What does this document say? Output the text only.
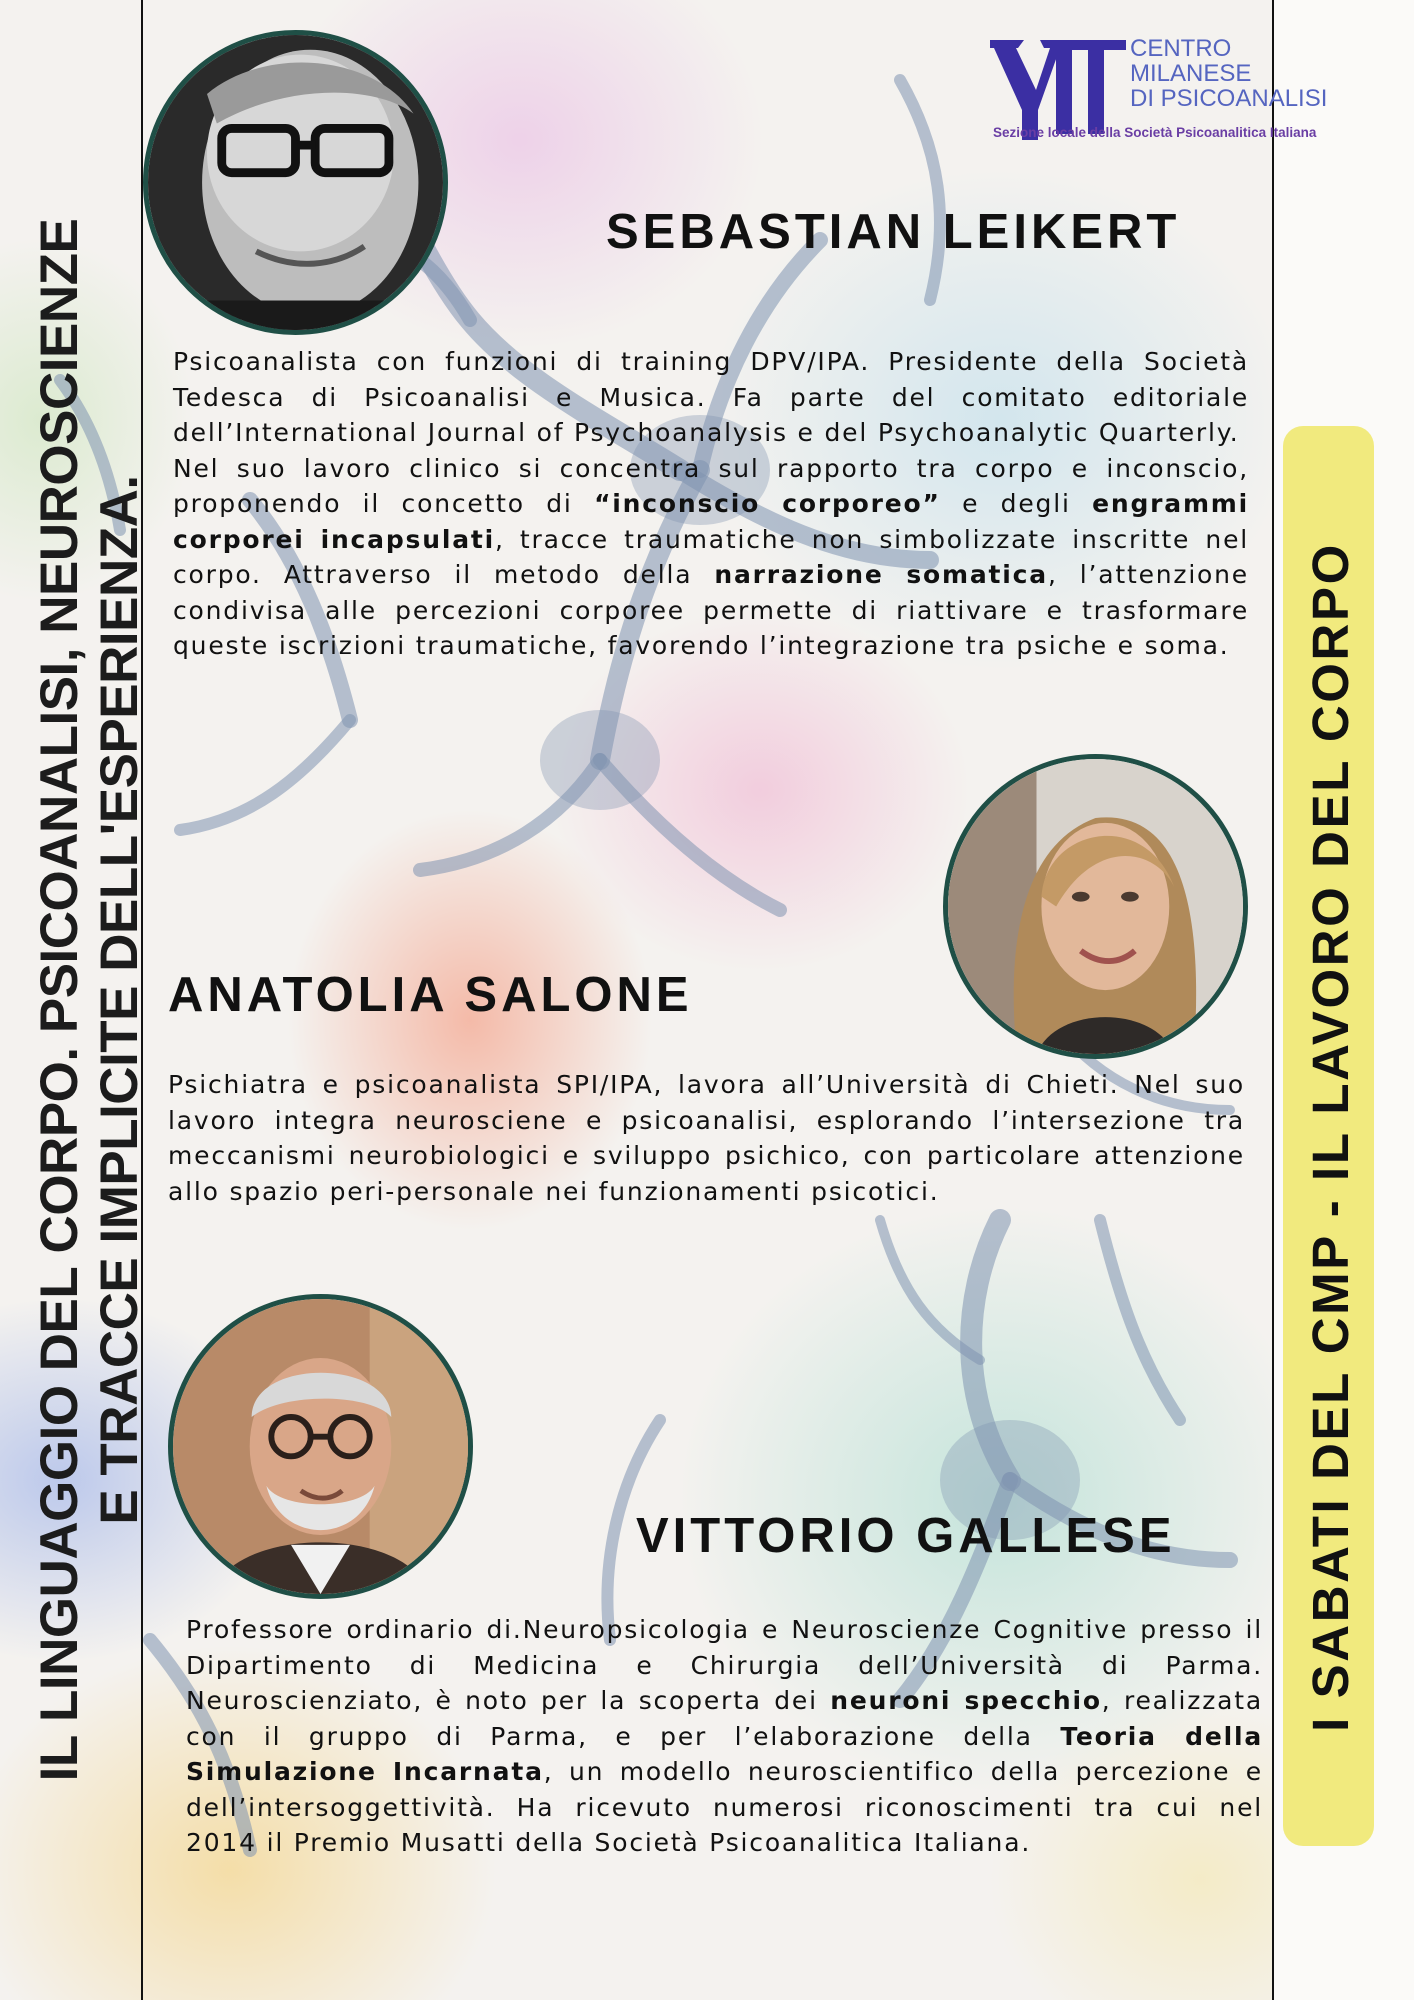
IL LINGUAGGIO DEL CORPO. PSICOANALISI, NEUROSCIENZE E TRACCE IMPLICITE DELL'ESPERIENZA.
CENTRO
MILANESE
DI PSICOANALISI
Sezione locale della Società Psicoanalitica Italiana
SEBASTIAN LEIKERT

Psicoanalista con funzioni di training DPV/IPA. Presidente della Società Tedesca di Psicoanalisi e Musica. Fa parte del comitato editoriale dell’International Journal of Psychoanalysis e del Psychoanalytic Quarterly.

Nel suo lavoro clinico si concentra sul rapporto tra corpo e inconscio, proponendo il concetto di “inconscio corporeo” e degli engrammi corporei incapsulati, tracce traumatiche non simbolizzate inscritte nel corpo. Attraverso il metodo della narrazione somatica, l’attenzione condivisa alle percezioni corporee permette di riattivare e trasformare queste iscrizioni traumatiche, favorendo l’integrazione tra psiche e soma.

ANATOLIA SALONE

Psichiatra e psicoanalista SPI/IPA, lavora all’Università di Chieti. Nel suo lavoro integra neurosciene e psicoanalisi, esplorando l’intersezione tra meccanismi neurobiologici e sviluppo psichico, con particolare attenzione allo spazio peri-personale nei funzionamenti psicotici.

VITTORIO GALLESE

Professore ordinario di.Neuropsicologia e Neuroscienze Cognitive presso il Dipartimento di Medicina e Chirurgia dell’Università di Parma. Neuroscienziato, è noto per la scoperta dei neuroni specchio, realizzata con il gruppo di Parma, e per l’elaborazione della Teoria della Simulazione Incarnata, un modello neuroscientifico della percezione e dell’intersoggettività. Ha ricevuto numerosi riconoscimenti tra cui nel 2014 il Premio Musatti della Società Psicoanalitica Italiana.

I SABATI DEL CMP - IL LAVORO DEL CORPO
